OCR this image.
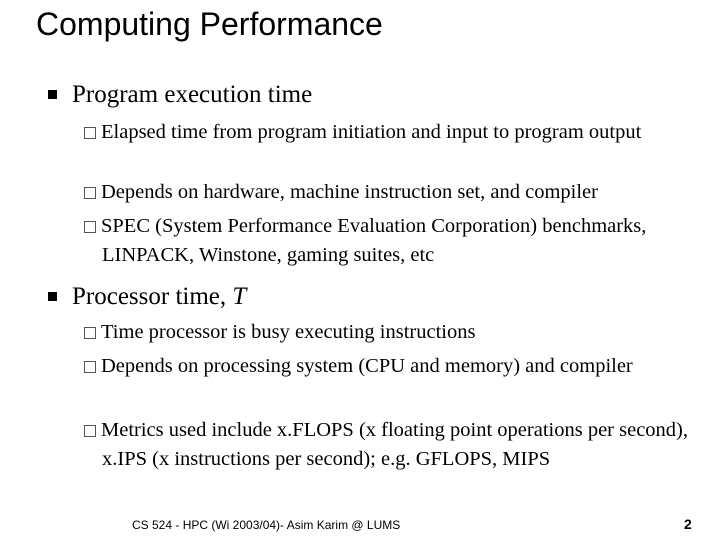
Computing Performance
Program execution time
Elapsed time from program initiation and input to program output
Depends on hardware, machine instruction set, and compiler
SPEC (System Performance Evaluation Corporation) benchmarks, LINPACK, Winstone, gaming suites, etc
Processor time, T
Time processor is busy executing instructions
Depends on processing system (CPU and memory) and compiler
Metrics used include x.FLOPS (x floating point operations per second), x.IPS (x instructions per second); e.g. GFLOPS, MIPS
CS 524 - HPC (Wi 2003/04)- Asim Karim @ LUMS	2
